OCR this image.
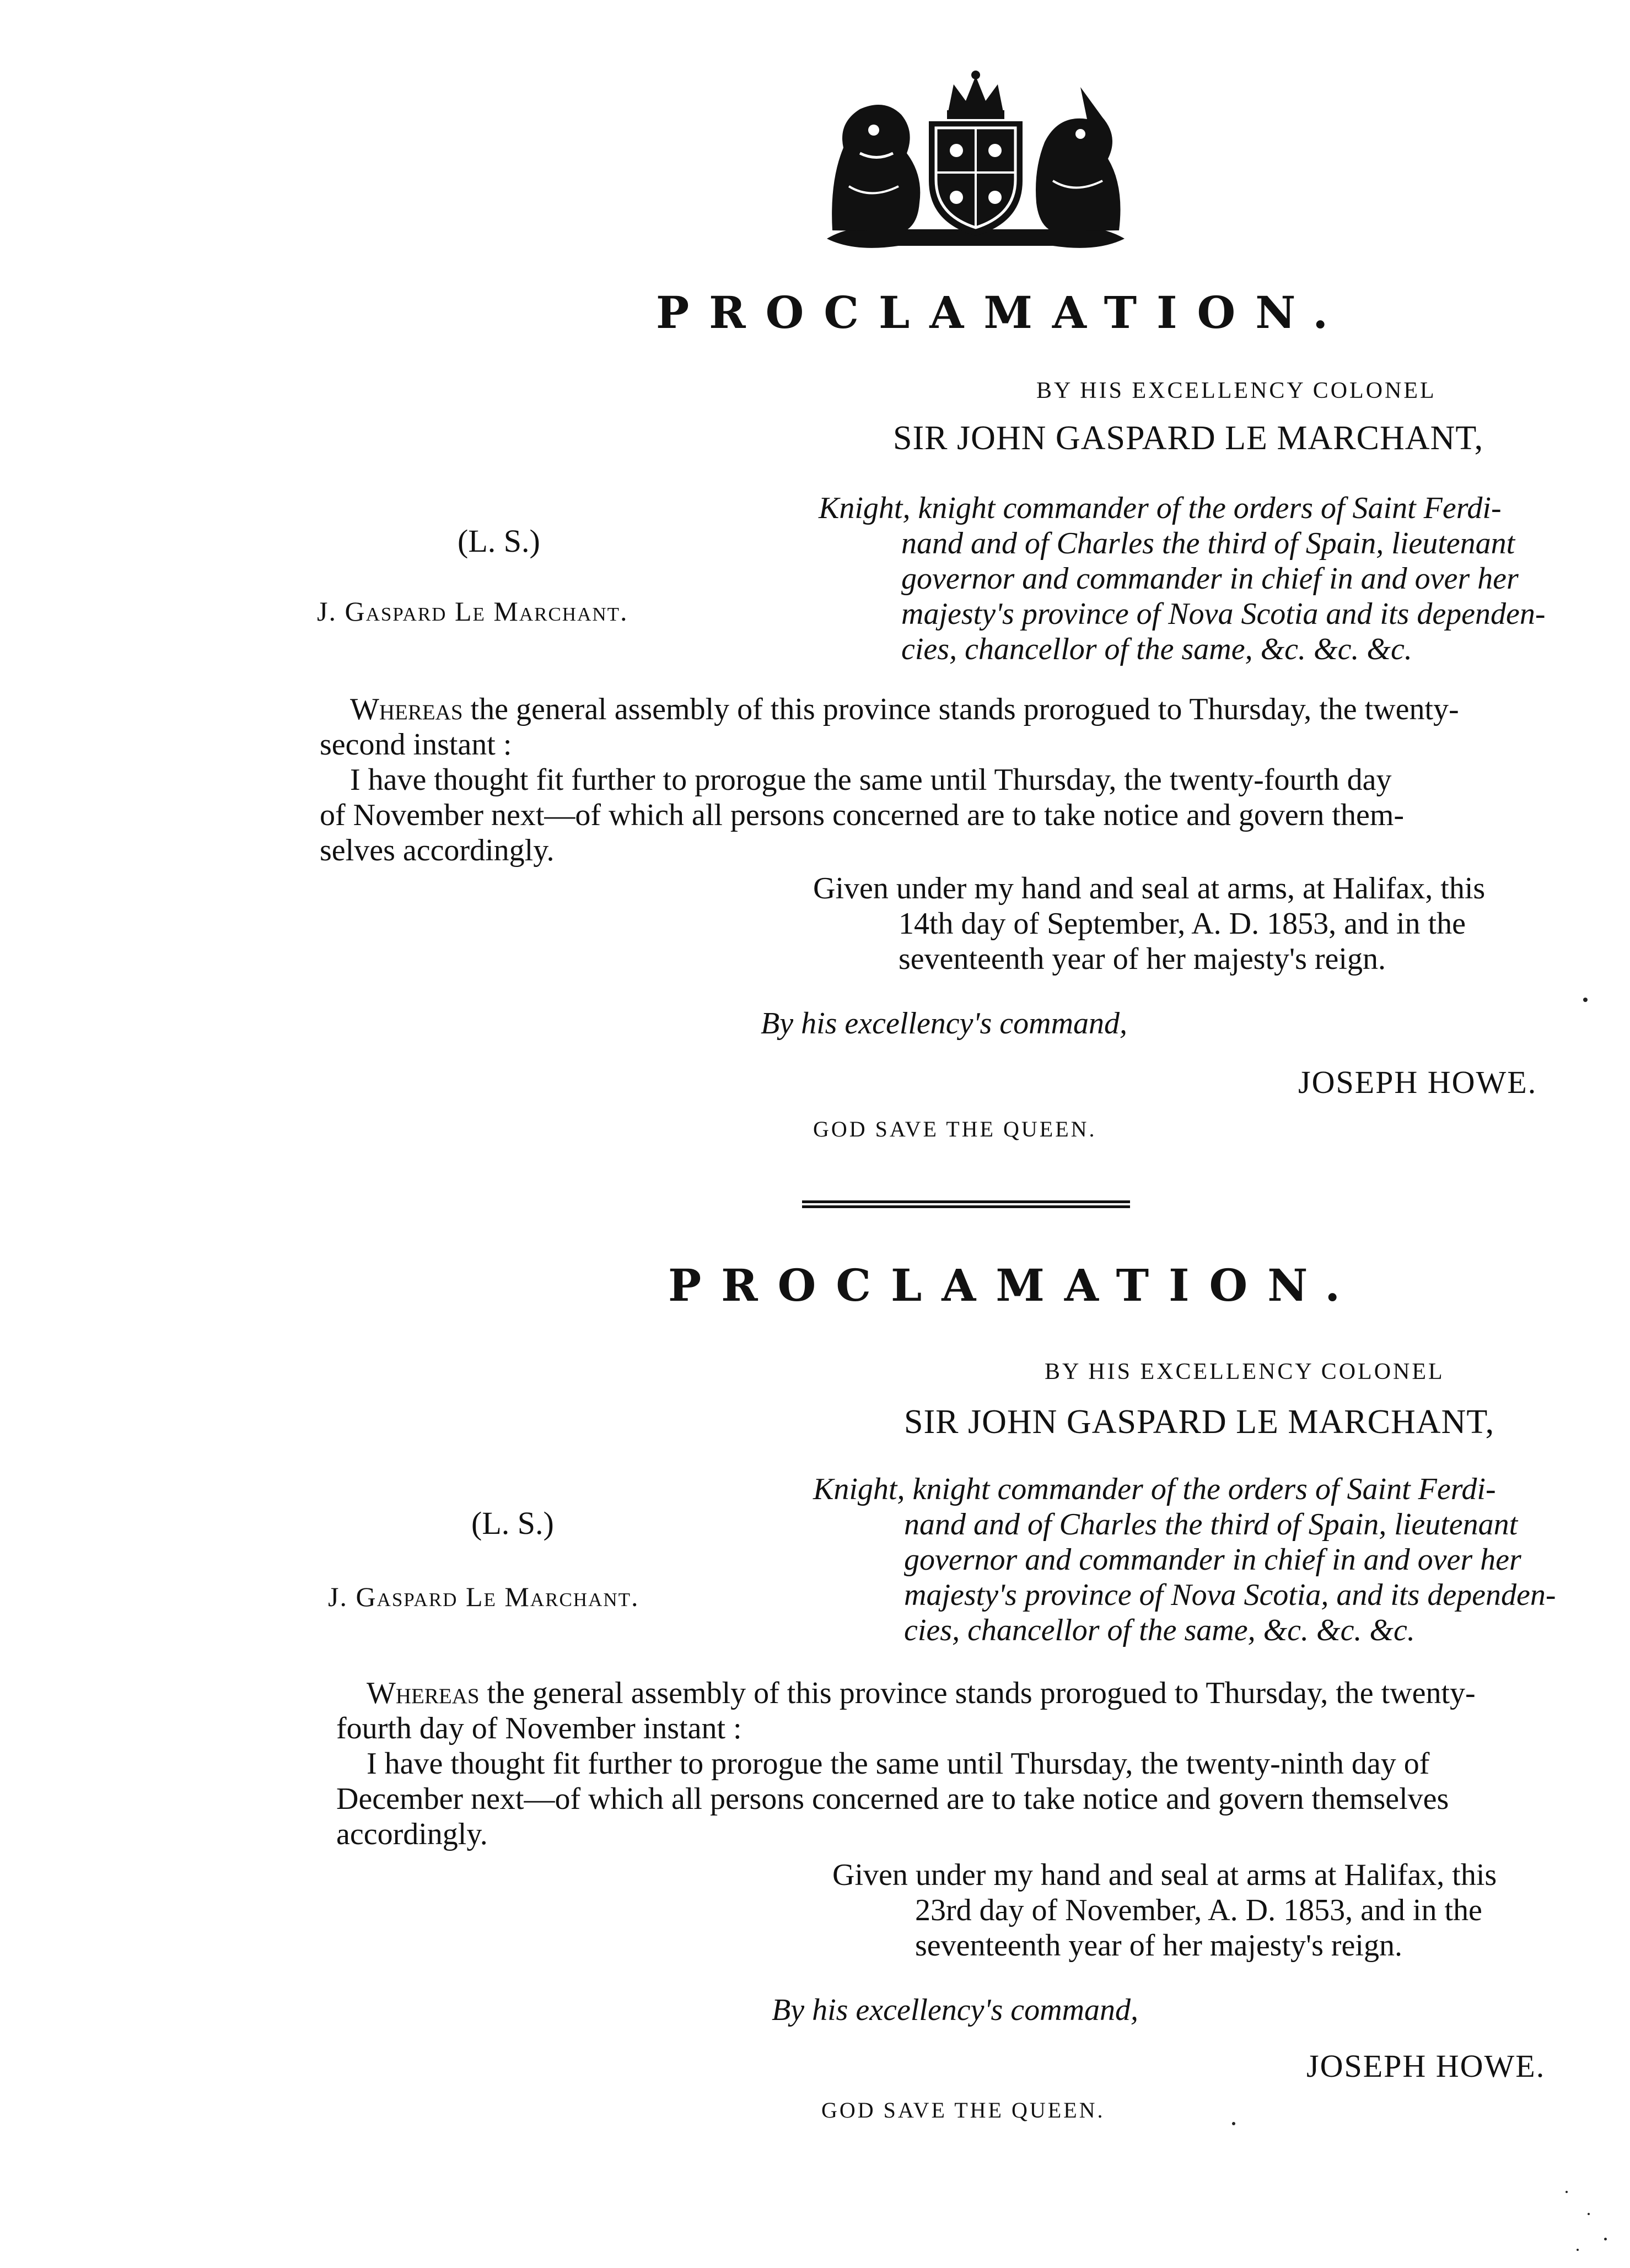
PROCLAMATION.
BY HIS EXCELLENCY COLONEL
SIR JOHN GASPARD LE MARCHANT,
(L. S.)
J. Gaspard Le Marchant.
Knight, knight commander of the orders of Saint Ferdi-
nand and of Charles the third of Spain, lieutenant
governor and commander in chief in and over her
majesty's province of Nova Scotia and its dependen-
cies, chancellor of the same, &c. &c. &c.
Whereas the general assembly of this province stands prorogued to Thursday, the twenty-
second instant :
I have thought fit further to prorogue the same until Thursday, the twenty-fourth day
of November next—of which all persons concerned are to take notice and govern them-
selves accordingly.
Given under my hand and seal at arms, at Halifax, this
14th day of September, A. D. 1853, and in the
seventeenth year of her majesty's reign.
By his excellency's command,
JOSEPH HOWE.
GOD SAVE THE QUEEN.
PROCLAMATION.
BY HIS EXCELLENCY COLONEL
SIR JOHN GASPARD LE MARCHANT,
(L. S.)
J. Gaspard Le Marchant.
Knight, knight commander of the orders of Saint Ferdi-
nand and of Charles the third of Spain, lieutenant
governor and commander in chief in and over her
majesty's province of Nova Scotia, and its dependen-
cies, chancellor of the same, &c. &c. &c.
Whereas the general assembly of this province stands prorogued to Thursday, the twenty-
fourth day of November instant :
I have thought fit further to prorogue the same until Thursday, the twenty-ninth day of
December next—of which all persons concerned are to take notice and govern themselves
accordingly.
Given under my hand and seal at arms at Halifax, this
23rd day of November, A. D. 1853, and in the
seventeenth year of her majesty's reign.
By his excellency's command,
JOSEPH HOWE.
GOD SAVE THE QUEEN.
